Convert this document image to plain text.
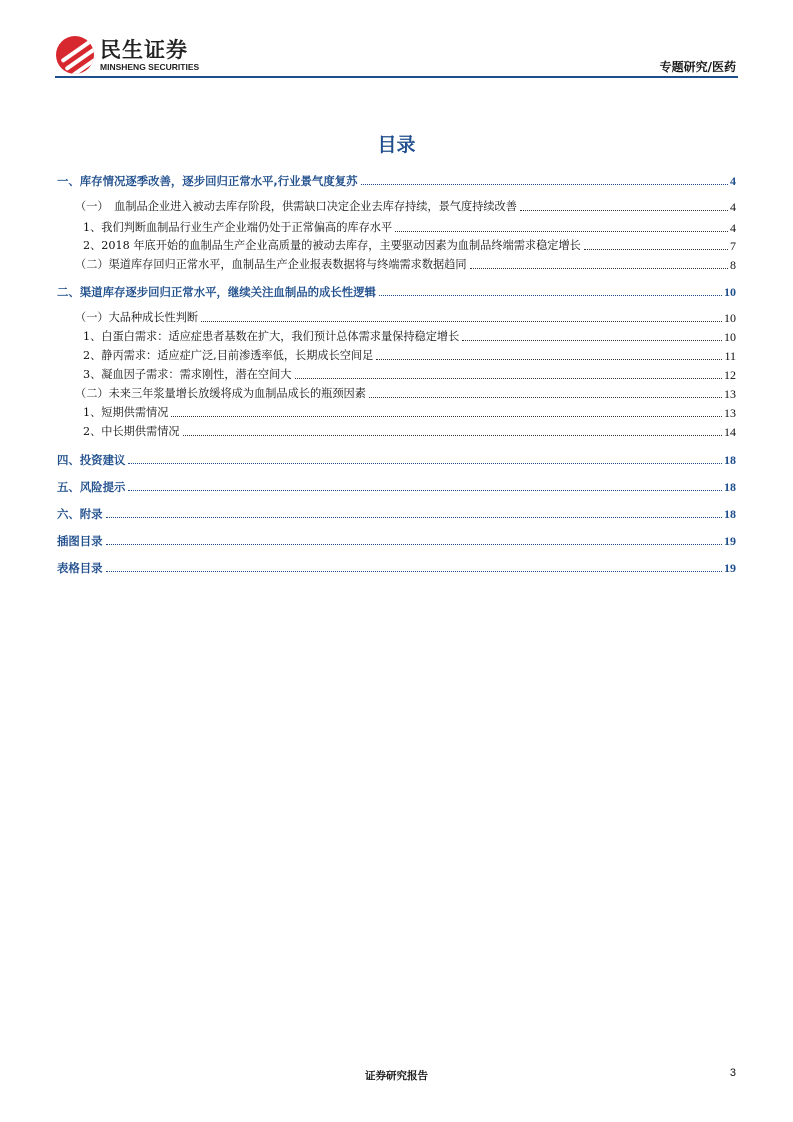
民生证券
MINSHENG SECURITIES	专题研究/医药
目录
一、库存情况逐季改善，逐步回归正常水平,行业景气度复苏	4
（一）　血制品企业进入被动去库存阶段，供需缺口决定企业去库存持续，景气度持续改善	4
1、我们判断血制品行业生产企业端仍处于正常偏高的库存水平	4
2、2018 年底开始的血制品生产企业高质量的被动去库存，主要驱动因素为血制品终端需求稳定增长	7
（二）渠道库存回归正常水平，血制品生产企业报表数据将与终端需求数据趋同	8
二、渠道库存逐步回归正常水平，继续关注血制品的成长性逻辑	10
（一）大品种成长性判断	10
1、白蛋白需求：适应症患者基数在扩大，我们预计总体需求量保持稳定增长	10
2、静丙需求：适应症广泛,目前渗透率低，长期成长空间足	11
3、凝血因子需求：需求刚性，潜在空间大	12
（二）未来三年浆量增长放缓将成为血制品成长的瓶颈因素	13
1、短期供需情况	13
2、中长期供需情况	14
四、投资建议	18
五、风险提示	18
六、附录	18
插图目录	19
表格目录	19
证券研究报告	3
